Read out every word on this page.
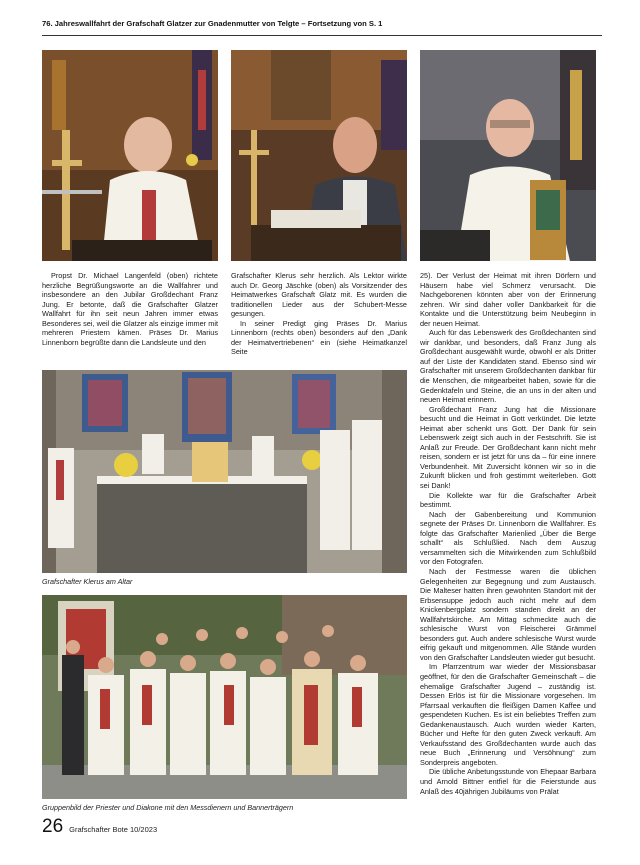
76. Jahreswallfahrt der Grafschaft Glatzer zur Gnadenmutter von Telgte – Fortsetzung von S. 1

Propst Dr. Michael Langenfeld (oben) richtete herzliche Begrüßungsworte an die Wallfahrer und insbesondere an den Jubilar Großdechant Franz Jung. Er betonte, daß die Grafschafter Glatzer Wallfahrt für ihn seit neun Jahren immer etwas Besonderes sei, weil die Glatzer als einzige immer mit mehreren Priestern kämen. Präses Dr. Marius Linnenborn begrüßte dann die Landsleute und den

Grafschafter Klerus sehr herzlich. Als Lektor wirkte auch Dr. Georg Jäschke (oben) als Vorsitzender des Heimatwerkes Grafschaft Glatz mit. Es wurden die traditionellen Lieder aus der Schubert-Messe gesungen.

In seiner Predigt ging Präses Dr. Marius Linnenborn (rechts oben) besonders auf den „Dank der Heimatvertriebenen“ ein (siehe Heimatkanzel Seite

Grafschafter Klerus am Altar
Gruppenbild der Priester und Diakone mit den Messdienern und Bannerträgern

25). Der Verlust der Heimat mit ihren Dörfern und Häusern habe viel Schmerz verursacht. Die Nachgeborenen könnten aber von der Erinnerung zehren. Wir sind daher voller Dankbarkeit für die Kontakte und die Unterstützung beim Neubeginn in der neuen Heimat.

Auch für das Lebenswerk des Großdechanten sind wir dankbar, und besonders, daß Franz Jung als Großdechant ausgewählt wurde, obwohl er als Dritter auf der Liste der Kandidaten stand. Ebenso sind wir Grafschafter mit unserem Großdechanten dankbar für die Menschen, die mitgearbeitet haben, sowie für die Gedenktafeln und Steine, die an uns in der alten und neuen Heimat erinnern.

Großdechant Franz Jung hat die Missionare besucht und die Heimat in Gott verkündet. Die letzte Heimat aber schenkt uns Gott. Der Dank für sein Lebenswerk zeigt sich auch in der Festschrift. Sie ist Anlaß zur Freude. Der Großdechant kann nicht mehr reisen, sondern er ist jetzt für uns da – für eine innere Verbundenheit. Mit Zuversicht können wir so in die Zukunft blicken und froh gestimmt weiterleben. Gott sei Dank!

Die Kollekte war für die Grafschafter Arbeit bestimmt.

Nach der Gabenbereitung und Kommunion segnete der Präses Dr. Linnenborn die Wallfahrer. Es folgte das Grafschafter Marienlied „Über die Berge schallt“ als Schlußlied. Nach dem Auszug versammelten sich die Mitwirkenden zum Schlußbild vor den Fotografen.

Nach der Festmesse waren die üblichen Gelegenheiten zur Begegnung und zum Austausch. Die Malteser hatten ihren gewohnten Standort mit der Erbsensuppe jedoch auch nicht mehr auf dem Knickenbergplatz sondern standen direkt an der Wallfahrtskirche. Am Mittag schmeckte auch die schlesische Wurst von Fleischerei Grämmel besonders gut. Auch andere schlesische Wurst wurde eifrig gekauft und mitgenommen. Alle Stände wurden von den Grafschafter Landsleuten wieder gut besucht.

Im Pfarrzentrum war wieder der Missionsbasar geöffnet, für den die Grafschafter Gemeinschaft – die ehemalige Grafschafter Jugend – zuständig ist. Dessen Erlös ist für die Missionare vorgesehen. Im Pfarrsaal verkauften die fleißigen Damen Kaffee und gespendeten Kuchen. Es ist ein beliebtes Treffen zum Gedankenaustausch. Auch wurden wieder Karten, Bücher und Hefte für den guten Zweck verkauft. Am Verkaufsstand des Großdechanten wurde auch das neue Buch „Erinnerung und Versöhnung“ zum Sonderpreis angeboten.

Die übliche Anbetungsstunde von Ehepaar Barbara und Arnold Bittner entfiel für die Feierstunde aus Anlaß des 40jährigen Jubiläums von Prälat

26 Grafschafter Bote 10/2023
